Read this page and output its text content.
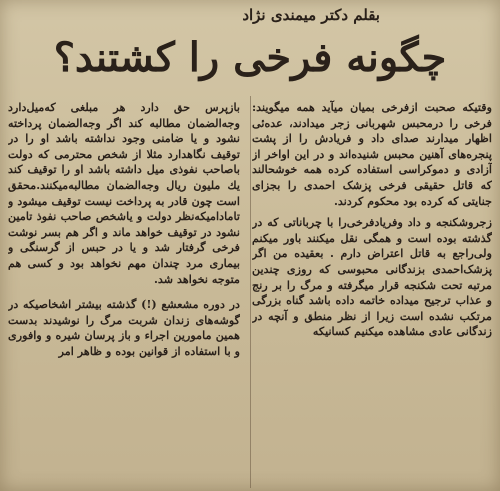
بقلم دکتر میمندی نژاد
چگونه فرخی را کشتند؟

وقتیکه صحبت ازفرخی بمیان میآید همه میگویند: فرخی را درمحبس شهربانی زجر میدادند، عده‌ئی اظهار میدارند صدای داد و فریادش را از پشت پنجره‌های آهنین محبس شنیده‌اند و در این اواخر از آزادی و دموکراسی استفاده کرده همه خوشحالند که قاتل حقیقی فرخی پزشک احمدی را بجزای جنایتی که کرده بود محکوم کردند.

زجروشکنجه و داد وفریادفرخی‌را با چرباناتی که در گذشته بوده است و همگی نقل میکنند باور میکنم ولی‌راجع به قاتل اعتراض دارم . بعقیده من اگر پزشک‌احمدی بزندگانی محبوسی که روزی چندین مرتبه تحت شکنجه قرار میگرفته و مرگ را بر رنج و عذاب ترجیح میداده خاتمه داده باشد گناه بزرگی مرتکب نشده است زیرا از نظر منطق و آنچه در زندگانی عادی مشاهده میکنیم کسانیکه

بازپرس حق دارد هر مبلغی که‌میل‌دارد وجه‌الضمان مطالبه کند اگر وجه‌الضمان پرداخته نشود و یا ضامنی وجود نداشته باشد او را در توقیف نگاهدارد مثلا از شخص محترمی که دولت باصاحب نفوذی میل داشته باشد او را توقیف کند یك ملیون ریال وجه‌الضمان مطالبه‌میکنند.محقق است چون قادر به پرداخت نیست توقیف میشود و تامادامیکه‌نظر دولت و یاشخص صاحب نفوذ تامین نشود در توقیف خواهد ماند و اگر هم بسر نوشت فرخی گرفتار شد و یا در حبس از گرسنگی و بیماری مرد چندان مهم نخواهد بود و کسی هم متوجه نخواهد شد.

در دوره مشعشع (!) گذشته بیشتر اشخاصیکه در گوشه‌های زندان شربت مرگ را نوشیدند بدست همین مامورین اجراء و باز پرسان شیره و وافوری و با استفاده از قوانین بوده و ظاهر امر
